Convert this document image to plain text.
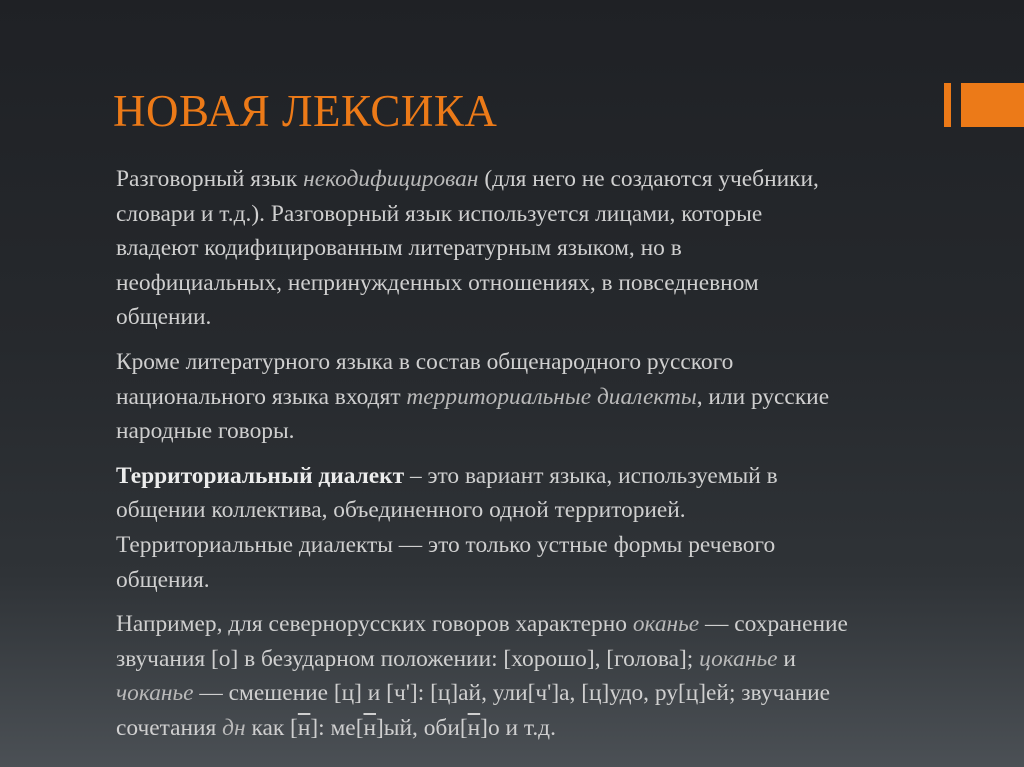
НОВАЯ ЛЕКСИКА

Разговорный язык некодифицирован (для него не создаются учебники,
словари и т.д.). Разговорный язык используется лицами, которые
владеют кодифицированным литературным языком, но в
неофициальных, непринужденных отношениях, в повседневном
общении.

Кроме литературного языка в состав общенародного русского
национального языка входят территориальные диалекты, или русские
народные говоры.

Территориальный диалект – это вариант языка, используемый в
общении коллектива, объединенного одной территорией.
Территориальные диалекты — это только устные формы речевого
общения.

Например, для севернорусских говоров характерно оканье — сохранение
звучания [о] в безударном положении: [хорошо], [голова]; цоканье и
чоканье — смешение [ц] и [ч']: [ц]ай, ули[ч']а, [ц]удо, ру[ц]ей; звучание
сочетания дн как [н]: ме[н]ый, оби[н]о и т.д.
